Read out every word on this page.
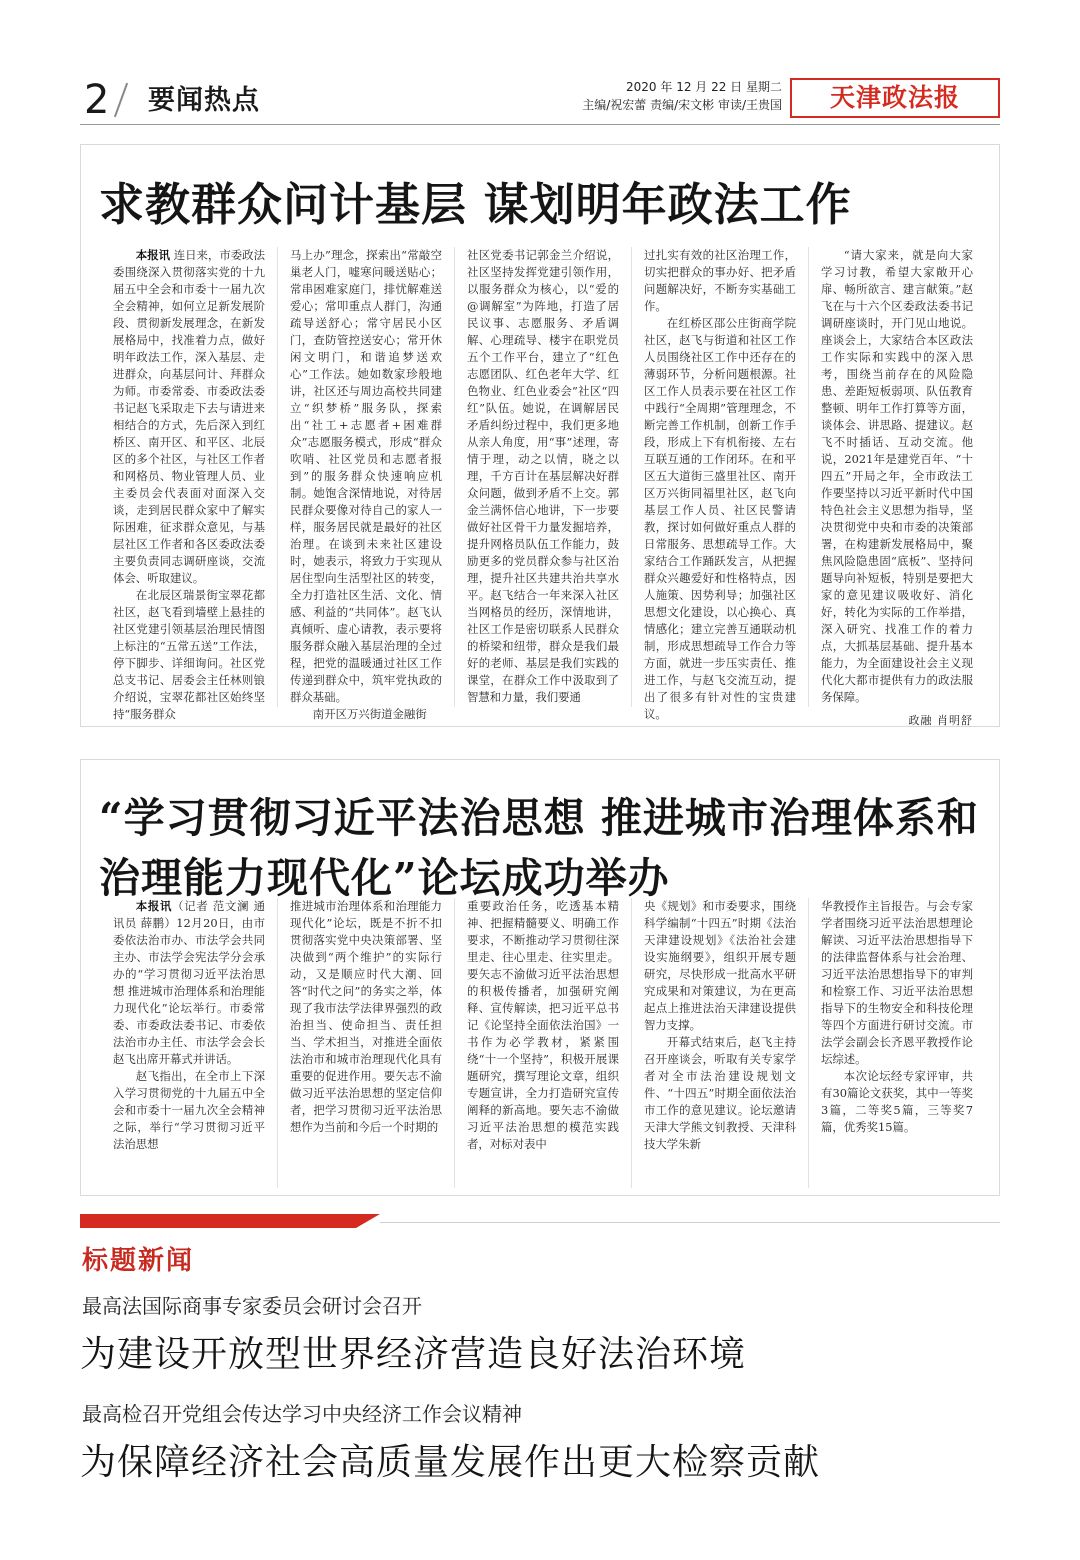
2 要闻热点	2020 年 12 月 22 日 星期二
主编/祝宏蕾 责编/宋文彬 审读/王贵国	天津政法报
求教群众问计基层 谋划明年政法工作

本报讯 连日来，市委政法委围绕深入贯彻落实党的十九届五中全会和市委十一届九次全会精神，如何立足新发展阶段、贯彻新发展理念，在新发展格局中，找准着力点，做好明年政法工作，深入基层、走进群众，向基层问计、拜群众为师。市委常委、市委政法委书记赵飞采取走下去与请进来相结合的方式，先后深入到红桥区、南开区、和平区、北辰区的多个社区，与社区工作者和网格员、物业管理人员、业主委员会代表面对面深入交谈，走到居民群众家中了解实际困难，征求群众意见，与基层社区工作者和各区委政法委主要负责同志调研座谈，交流体会、听取建议。

在北辰区瑞景街宝翠花都社区，赵飞看到墙壁上悬挂的社区党建引领基层治理民情图上标注的“五常五送”工作法，停下脚步、详细询问。社区党总支书记、居委会主任林则锒介绍说，宝翠花都社区始终坚持“服务群众

马上办”理念，探索出“常敲空巢老人门，嘘寒问暖送贴心；常串困难家庭门，排忧解难送爱心；常叩重点人群门，沟通疏导送舒心；常守居民小区门，查防管控送安心；常开休闲文明门，和谐追梦送欢心”工作法。她如数家珍般地讲，社区还与周边高校共同建立“织梦桥”服务队，探索出“社工+志愿者+困难群众”志愿服务模式，形成“群众吹哨、社区党员和志愿者报到”的服务群众快速响应机制。她饱含深情地说，对待居民群众要像对待自己的家人一样，服务居民就是最好的社区治理。在谈到未来社区建设时，她表示，将致力于实现从居住型向生活型社区的转变，全力打造社区生活、文化、情感、利益的“共同体”。赵飞认真倾听、虚心请教，表示要将服务群众融入基层治理的全过程，把党的温暖通过社区工作传递到群众中，筑牢党执政的群众基础。

南开区万兴街道金融街

社区党委书记郭金兰介绍说，社区坚持发挥党建引领作用，以服务群众为核心，以“爱的@调解室”为阵地，打造了居民议事、志愿服务、矛盾调解、心理疏导、楼宇在职党员五个工作平台，建立了“红色志愿团队、红色老年大学、红色物业、红色业委会”社区“四红”队伍。她说，在调解居民矛盾纠纷过程中，我们更多地从亲人角度，用“事”述理，寄情于理，动之以情，晓之以理，千方百计在基层解决好群众问题，做到矛盾不上交。郭金兰满怀信心地讲，下一步要做好社区骨干力量发掘培养，提升网格员队伍工作能力，鼓励更多的党员群众参与社区治理，提升社区共建共治共享水平。赵飞结合一年来深入社区当网格员的经历，深情地讲，社区工作是密切联系人民群众的桥梁和纽带，群众是我们最好的老师、基层是我们实践的课堂，在群众工作中汲取到了智慧和力量，我们要通

过扎实有效的社区治理工作，切实把群众的事办好、把矛盾问题解决好，不断夯实基础工作。

在红桥区邵公庄街商学院社区，赵飞与街道和社区工作人员围绕社区工作中还存在的薄弱环节，分析问题根源。社区工作人员表示要在社区工作中践行“全周期”管理理念，不断完善工作机制，创新工作手段，形成上下有机衔接、左右互联互通的工作闭环。在和平区五大道街三盛里社区、南开区万兴街同福里社区，赵飞向基层工作人员、社区民警请教，探讨如何做好重点人群的日常服务、思想疏导工作。大家结合工作踊跃发言，从把握群众兴趣爱好和性格特点，因人施策、因势利导；加强社区思想文化建设，以心换心、真情感化；建立完善互通联动机制，形成思想疏导工作合力等方面，就进一步压实责任、推进工作，与赵飞交流互动，提出了很多有针对性的宝贵建议。

“请大家来，就是向大家学习讨教，希望大家敞开心扉、畅所欲言、建言献策。”赵飞在与十六个区委政法委书记调研座谈时，开门见山地说。座谈会上，大家结合本区政法工作实际和实践中的深入思考，围绕当前存在的风险隐患、差距短板弱项、队伍教育整顿、明年工作打算等方面，谈体会、讲思路、提建议。赵飞不时插话、互动交流。他说，2021年是建党百年、“十四五”开局之年，全市政法工作要坚持以习近平新时代中国特色社会主义思想为指导，坚决贯彻党中央和市委的决策部署，在构建新发展格局中，聚焦风险隐患固“底板”、坚持问题导向补短板，特别是要把大家的意见建议吸收好、消化好，转化为实际的工作举措，深入研究、找准工作的着力点，大抓基层基础、提升基本能力，为全面建设社会主义现代化大都市提供有力的政法服务保障。

政融 肖明舒
“学习贯彻习近平法治思想 推进城市治理体系和治理能力现代化”论坛成功举办

本报讯（记者 范文澜 通讯员 薛鹏）12月20日，由市委依法治市办、市法学会共同主办、市法学会宪法学分会承办的“学习贯彻习近平法治思想 推进城市治理体系和治理能力现代化”论坛举行。市委常委、市委政法委书记、市委依法治市办主任、市法学会会长赵飞出席开幕式并讲话。

赵飞指出，在全市上下深入学习贯彻党的十九届五中全会和市委十一届九次全会精神之际，举行“学习贯彻习近平法治思想

推进城市治理体系和治理能力现代化”论坛，既是不折不扣贯彻落实党中央决策部署、坚决做到“两个维护”的实际行动，又是顺应时代大潮、回答“时代之问”的务实之举，体现了我市法学法律界强烈的政治担当、使命担当、责任担当、学术担当，对推进全面依法治市和城市治理现代化具有重要的促进作用。要矢志不渝做习近平法治思想的坚定信仰者，把学习贯彻习近平法治思想作为当前和今后一个时期的

重要政治任务，吃透基本精神、把握精髓要义、明确工作要求，不断推动学习贯彻往深里走、往心里走、往实里走。要矢志不渝做习近平法治思想的积极传播者，加强研究阐释、宣传解读，把习近平总书记《论坚持全面依法治国》一书作为必学教材，紧紧围绕“十一个坚持”，积极开展课题研究，撰写理论文章，组织专题宣讲，全力打造研究宣传阐释的新高地。要矢志不渝做习近平法治思想的模范实践者，对标对表中

央《规划》和市委要求，围绕科学编制“十四五”时期《法治天津建设规划》《法治社会建设实施纲要》，组织开展专题研究，尽快形成一批高水平研究成果和对策建议，为在更高起点上推进法治天津建设提供智力支撑。

开幕式结束后，赵飞主持召开座谈会，听取有关专家学者对全市法治建设规划文件、“十四五”时期全面依法治市工作的意见建议。论坛邀请天津大学熊文钊教授、天津科技大学朱新

华教授作主旨报告。与会专家学者围绕习近平法治思想理论解读、习近平法治思想指导下的法律监督体系与社会治理、习近平法治思想指导下的审判和检察工作、习近平法治思想指导下的生物安全和科技伦理等四个方面进行研讨交流。市法学会副会长齐恩平教授作论坛综述。

本次论坛经专家评审，共有30篇论文获奖，其中一等奖3篇，二等奖5篇，三等奖7篇，优秀奖15篇。

标题新闻
最高法国际商事专家委员会研讨会召开
为建设开放型世界经济营造良好法治环境
最高检召开党组会传达学习中央经济工作会议精神
为保障经济社会高质量发展作出更大检察贡献
